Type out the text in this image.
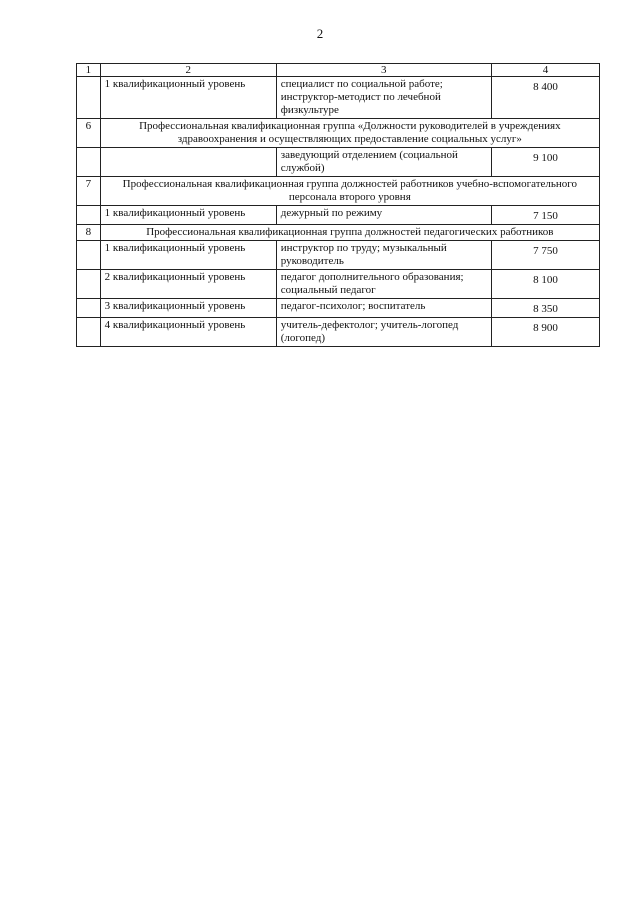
2
1	2	3	4
	1 квалификационный уровень	специалист по социальной работе; инструктор-методист по лечебной физкультуре	8 400
6	Профессиональная квалификационная группа «Должности руководителей в учреждениях здравоохранения и осуществляющих предоставление социальных услуг»		
		заведующий отделением (социальной службой)	9 100
7	Профессиональная квалификационная группа должностей работников учебно-вспомогательного персонала второго уровня		
	1 квалификационный уровень	дежурный по режиму	7 150
8	Профессиональная квалификационная группа должностей педагогических работников		
	1 квалификационный уровень	инструктор по труду; музыкальный руководитель	7 750
	2 квалификационный уровень	педагог дополнительного образования; социальный педагог	8 100
	3 квалификационный уровень	педагог-психолог; воспитатель	8 350
	4 квалификационный уровень	учитель-дефектолог; учитель-логопед (логопед)	8 900
